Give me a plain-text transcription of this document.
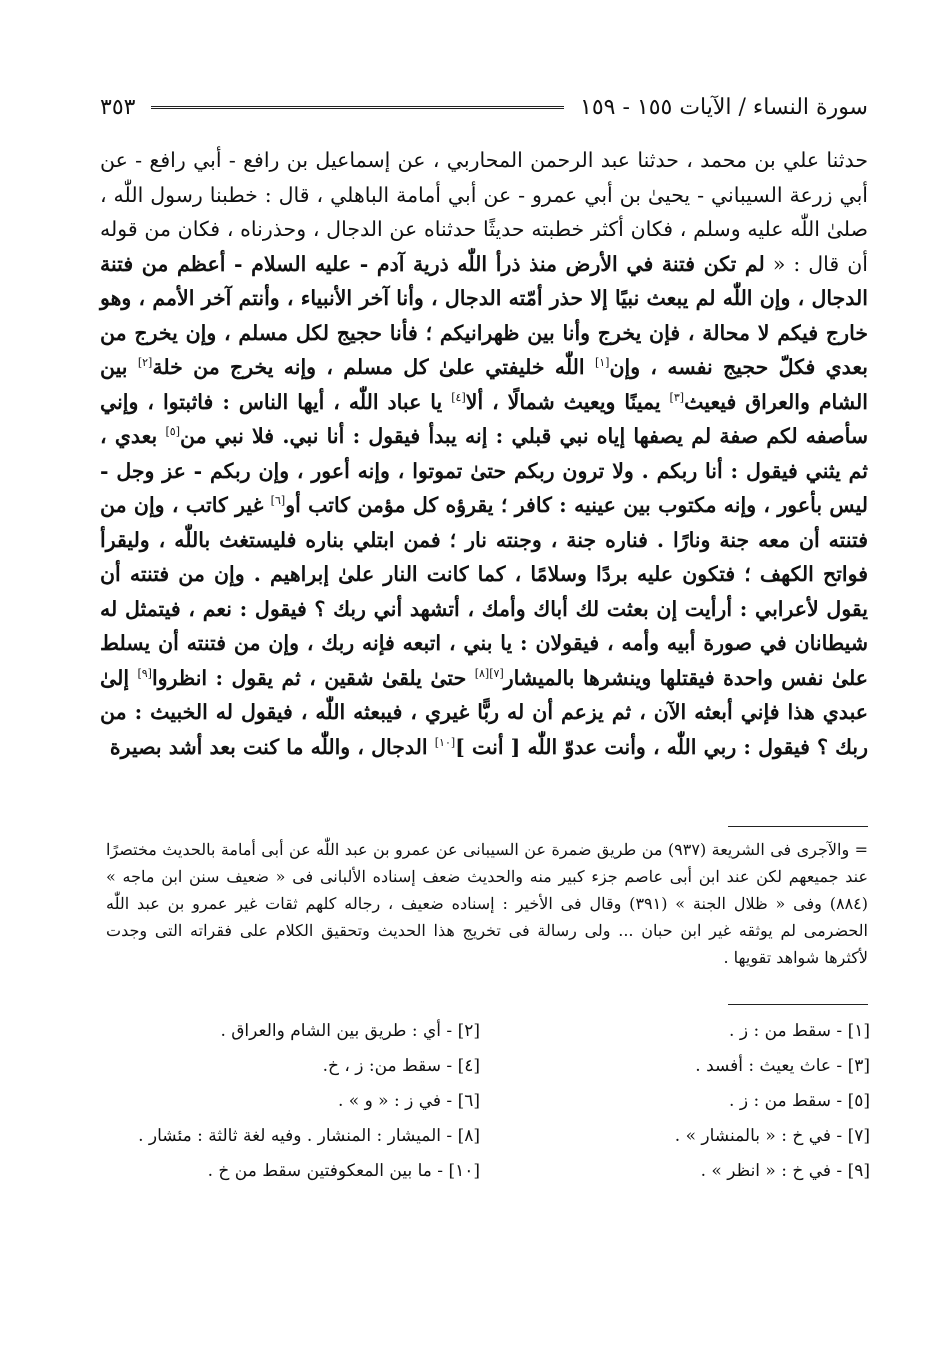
سورة النساء / الآيات ١٥٥ - ١٥٩
٣٥٣

حدثنا علي بن محمد ، حدثنا عبد الرحمن المحاربي ، عن إسماعيل بن رافع - أبي رافع - عن أبي زرعة السيباني - يحيىٰ بن أبي عمرو - عن أبي أمامة الباهلي ، قال : خطبنا رسول اللّٰه ، صلىٰ اللّٰه عليه وسلم ، فكان أكثر خطبته حديثًا حدثناه عن الدجال ، وحذرناه ، فكان من قوله أن قال : « لم تكن فتنة في الأرض منذ ذرأ اللّٰه ذرية آدم - عليه السلام - أعظم من فتنة الدجال ، وإن اللّٰه لم يبعث نبيًا إلا حذر أمّته الدجال ، وأنا آخر الأنبياء ، وأنتم آخر الأمم ، وهو خارج فيكم لا محالة ، فإن يخرج وأنا بين ظهرانيكم ؛ فأنا حجيج لكل مسلم ، وإن يخرج من بعدي فكلّ حجيج نفسه ، وإن[١] اللّٰه خليفتي علىٰ كل مسلم ، وإنه يخرج من خلة[٢] بين الشام والعراق فيعيث[٣] يمينًا ويعيث شمالًا ، ألا[٤] يا عباد اللّٰه ، أيها الناس : فاثبتوا ، وإني سأصفه لكم صفة لم يصفها إياه نبي قبلي : إنه يبدأ فيقول : أنا نبي. فلا نبي من[٥] بعدي ، ثم يثني فيقول : أنا ربكم . ولا ترون ربكم حتىٰ تموتوا ، وإنه أعور ، وإن ربكم - عز وجل - ليس بأعور ، وإنه مكتوب بين عينيه : كافر ؛ يقرؤه كل مؤمن كاتب أو[٦] غير كاتب ، وإن من فتنته أن معه جنة ونارًا . فناره جنة ، وجنته نار ؛ فمن ابتلي بناره فليستغث باللّٰه ، وليقرأ فواتح الكهف ؛ فتكون عليه بردًا وسلامًا ، كما كانت النار علىٰ إبراهيم . وإن من فتنته أن يقول لأعرابي : أرأيت إن بعثت لك أباك وأمك ، أتشهد أني ربك ؟ فيقول : نعم ، فيتمثل له شيطانان في صورة أبيه وأمه ، فيقولان : يا بني ، اتبعه فإنه ربك ، وإن من فتنته أن يسلط علىٰ نفس واحدة فيقتلها وينشرها بالميشار[٧][٨] حتىٰ يلقىٰ شقين ، ثم يقول : انظروا[٩] إلىٰ عبدي هذا فإني أبعثه الآن ، ثم يزعم أن له ربًّا غيري ، فيبعثه اللّٰه ، فيقول له الخبيث : من ربك ؟ فيقول : ربي اللّٰه ، وأنت عدوّ اللّٰه [ أنت ][١٠] الدجال ، واللّٰه ما كنت بعد أشد بصيرة

= والآجرى فى الشريعة (٩٣٧) من طريق ضمرة عن السيبانى عن عمرو بن عبد اللّٰه عن أبى أمامة بالحديث مختصرًا عند جميعهم لكن عند ابن أبى عاصم جزء كبير منه والحديث ضعف إسناده الألبانى فى « ضعيف سنن ابن ماجه » (٨٨٤) وفى « ظلال الجنة » (٣٩١) وقال فى الأخير : إسناده ضعيف ، رجاله كلهم ثقات غير عمرو بن عبد اللّٰه الحضرمى لم يوثقه غير ابن حبان ... ولى رسالة فى تخريج هذا الحديث وتحقيق الكلام على فقراته التى وجدت لأكثرها شواهد تقويها .

[١] - سقط من : ز .
[٢] - أي : طريق بين الشام والعراق .
[٣] - عاث يعيث : أفسد .
[٤] - سقط من: ز ، خ.
[٥] - سقط من : ز .
[٦] - في ز : « و » .
[٧] - في خ : « بالمنشار » .
[٨] - الميشار : المنشار . وفيه لغة ثالثة : مئشار .
[٩] - في خ : « انظر » .
[١٠] - ما بين المعكوفتين سقط من خ .
